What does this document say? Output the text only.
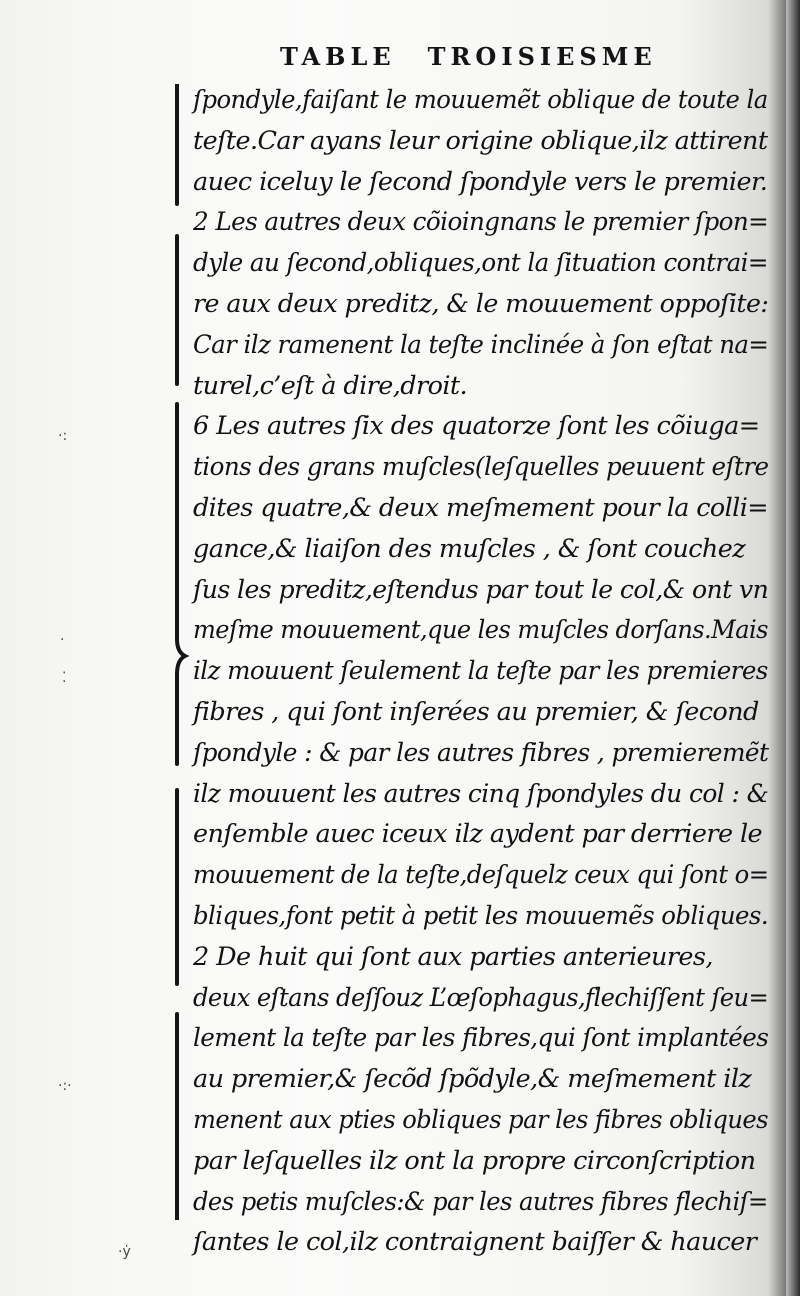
TABLE TROISIESME
ſpondyle,faiſant le mouuemẽt oblique de toute la
teſte.Car ayans leur origine oblique,ilz attirent
auec iceluy le ſecond ſpondyle vers le premier.
2 Les autres deux cõioingnans le premier ſpon=
dyle au ſecond,obliques,ont la ſituation contrai=
re aux deux preditz, & le mouuement oppoſite:
Car ilz ramenent la teſte inclinée à ſon eſtat na=
turel,c’eſt à dire,droit.
6 Les autres ſix des quatorze ſont les cõiuga=
tions des grans muſcles(leſquelles peuuent eſtre
dites quatre,& deux meſmement pour la colli=
gance,& liaiſon des muſcles , & ſont couchez
ſus les preditz,eſtendus par tout le col,& ont vn
meſme mouuement,que les muſcles dorſans.Mais
ilz mouuent ſeulement la teſte par les premieres
fibres , qui ſont inſerées au premier, & ſecond
ſpondyle : & par les autres fibres , premieremẽt
ilz mouuent les autres cinq ſpondyles du col : &
enſemble auec iceux ilz aydent par derriere le
mouuement de la teſte,deſquelz ceux qui ſont o=
bliques,font petit à petit les mouuemẽs obliques.
2 De huit qui ſont aux parties anterieures,
deux eſtans deſſouz L’œſophagus,flechiſſent ſeu=
lement la teſte par les fibres,qui ſont implantées
au premier,& ſecõd ſpõdyle,& meſmement ilz
menent aux pties obliques par les fibres obliques
par leſquelles ilz ont la propre circonſcription
des petis muſcles:& par les autres fibres flechiſ=
ſantes le col,ilz contraignent baiſſer & haucer
·:
·
⁚
·:·
·ẏ
